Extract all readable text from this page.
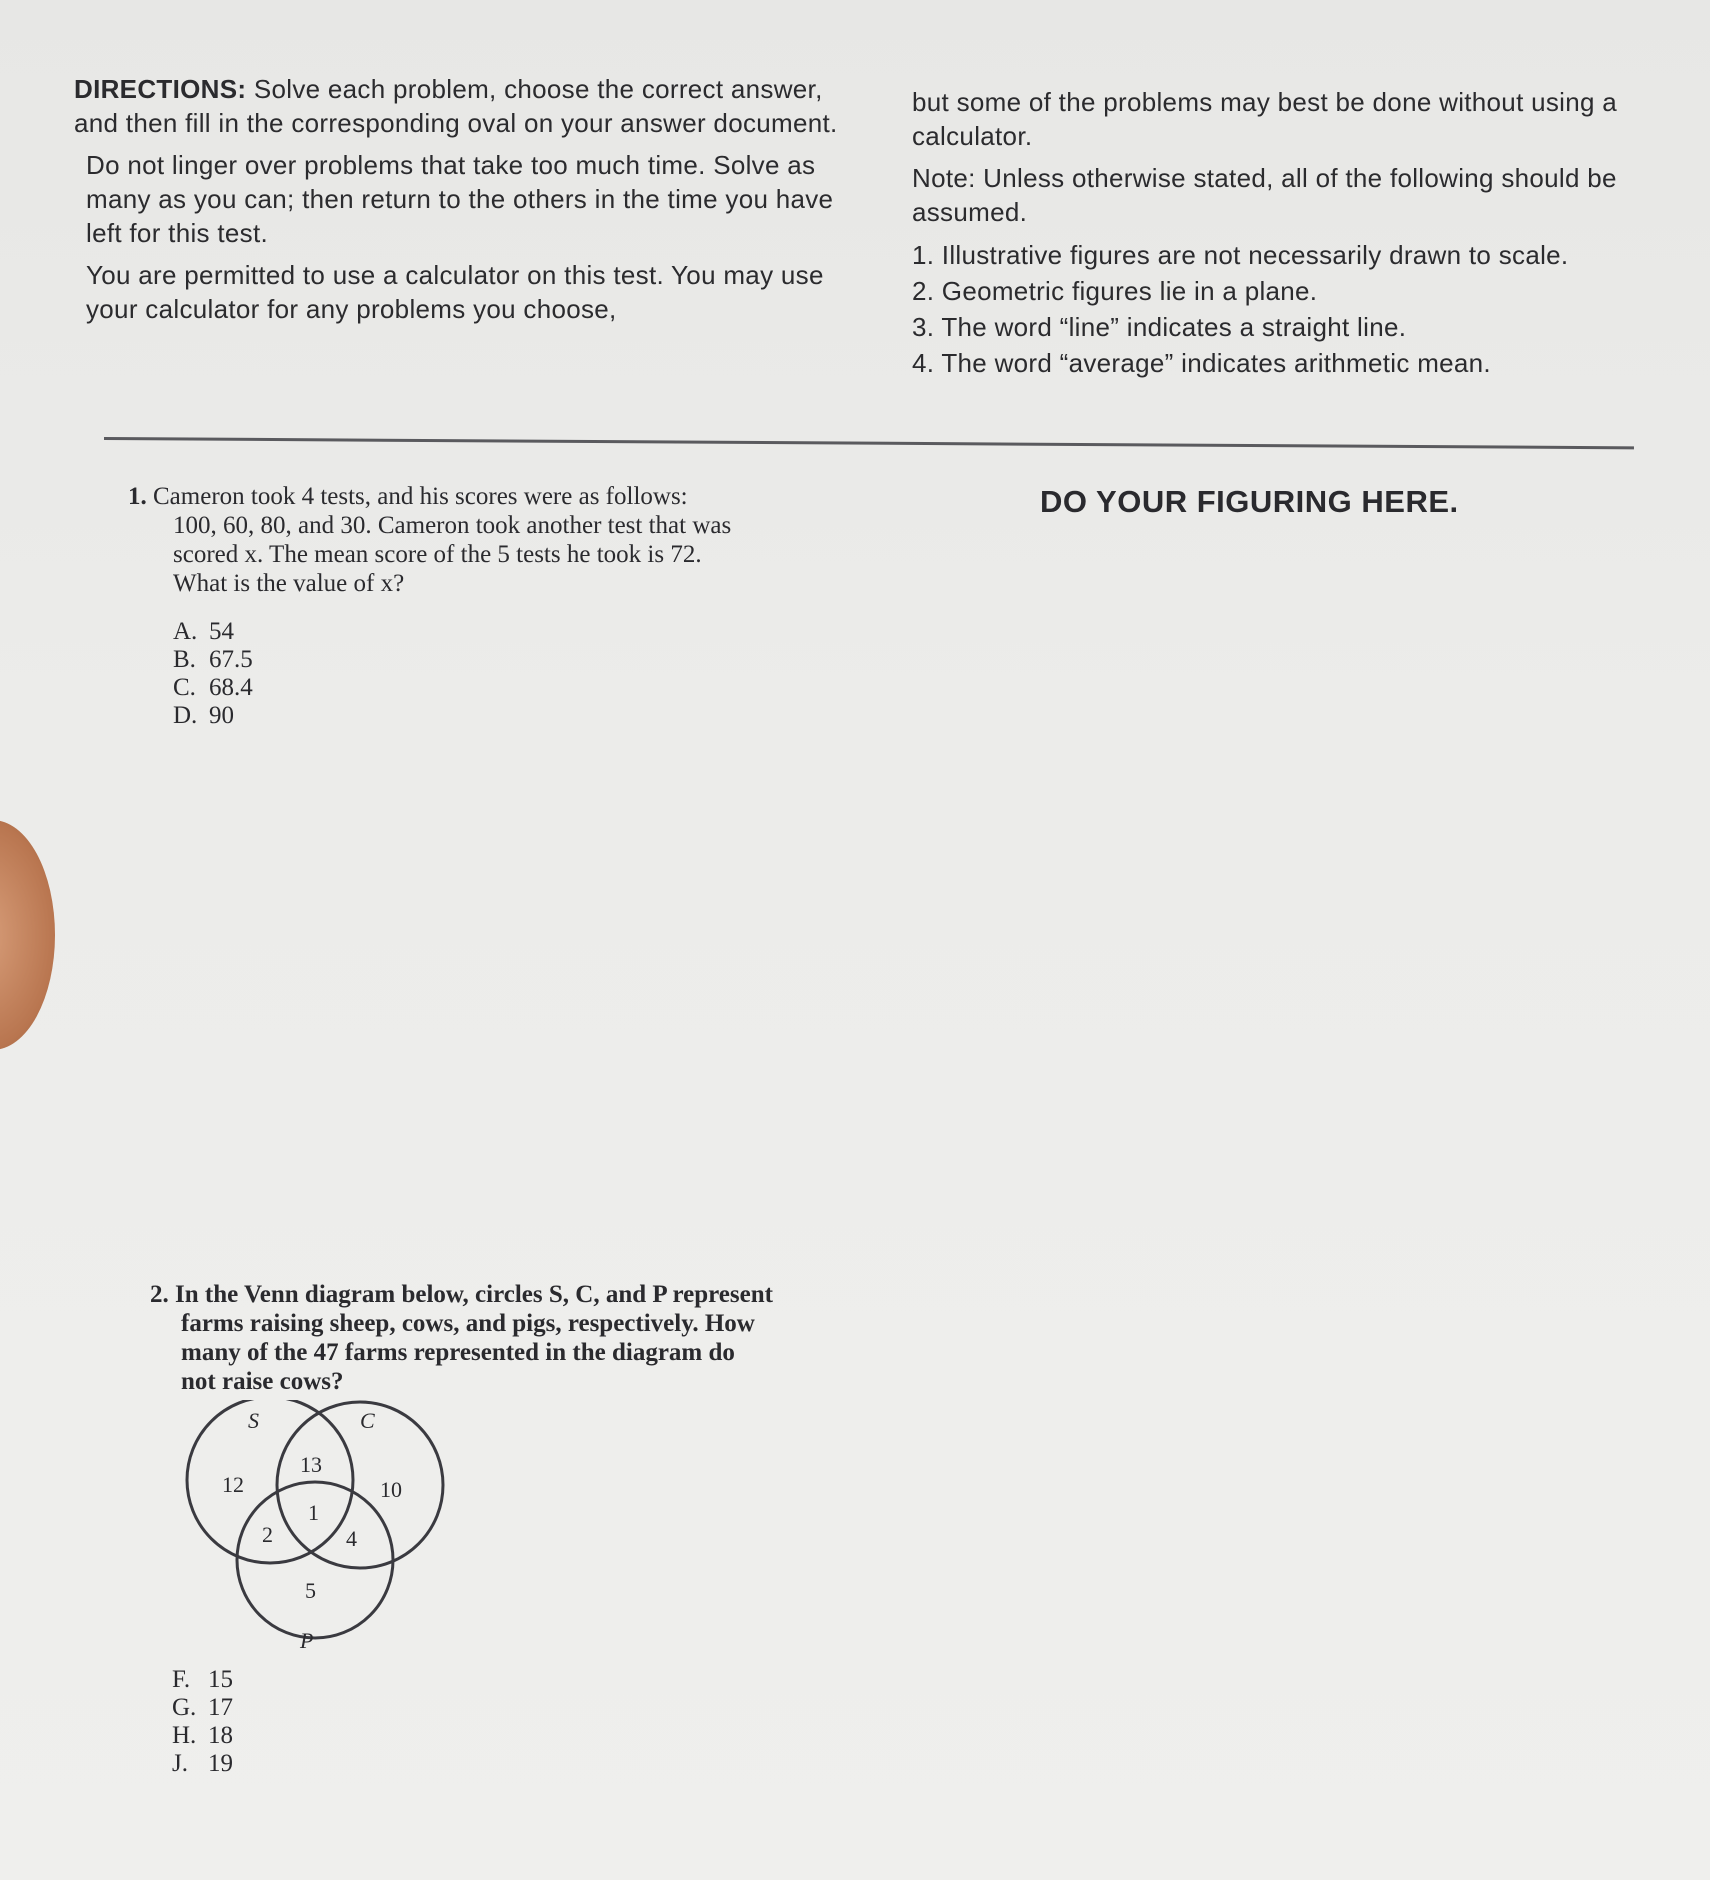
DIRECTIONS: Solve each problem, choose the correct answer, and then fill in the corresponding oval on your answer document.

Do not linger over problems that take too much time. Solve as many as you can; then return to the others in the time you have left for this test.

You are permitted to use a calculator on this test. You may use your calculator for any problems you choose,

but some of the problems may best be done without using a calculator.

Note: Unless otherwise stated, all of the following should be assumed.

1. Illustrative figures are not necessarily drawn to scale.
2. Geometric figures lie in a plane.
3. The word “line” indicates a straight line.
4. The word “average” indicates arithmetic mean.
DO YOUR FIGURING HERE.
1. Cameron took 4 tests, and his scores were as follows:
100, 60, 80, and 30. Cameron took another test that was
scored x. The mean score of the 5 tests he took is 72.
What is the value of x?
A. 54
B. 67.5
C. 68.4
D. 90
2. In the Venn diagram below, circles S, C, and P represent
farms raising sheep, cows, and pigs, respectively. How
many of the 47 farms represented in the diagram do
not raise cows?
S	C
P
12
13
10
1
2	4
5
F. 15
G. 17
H. 18
J. 19
